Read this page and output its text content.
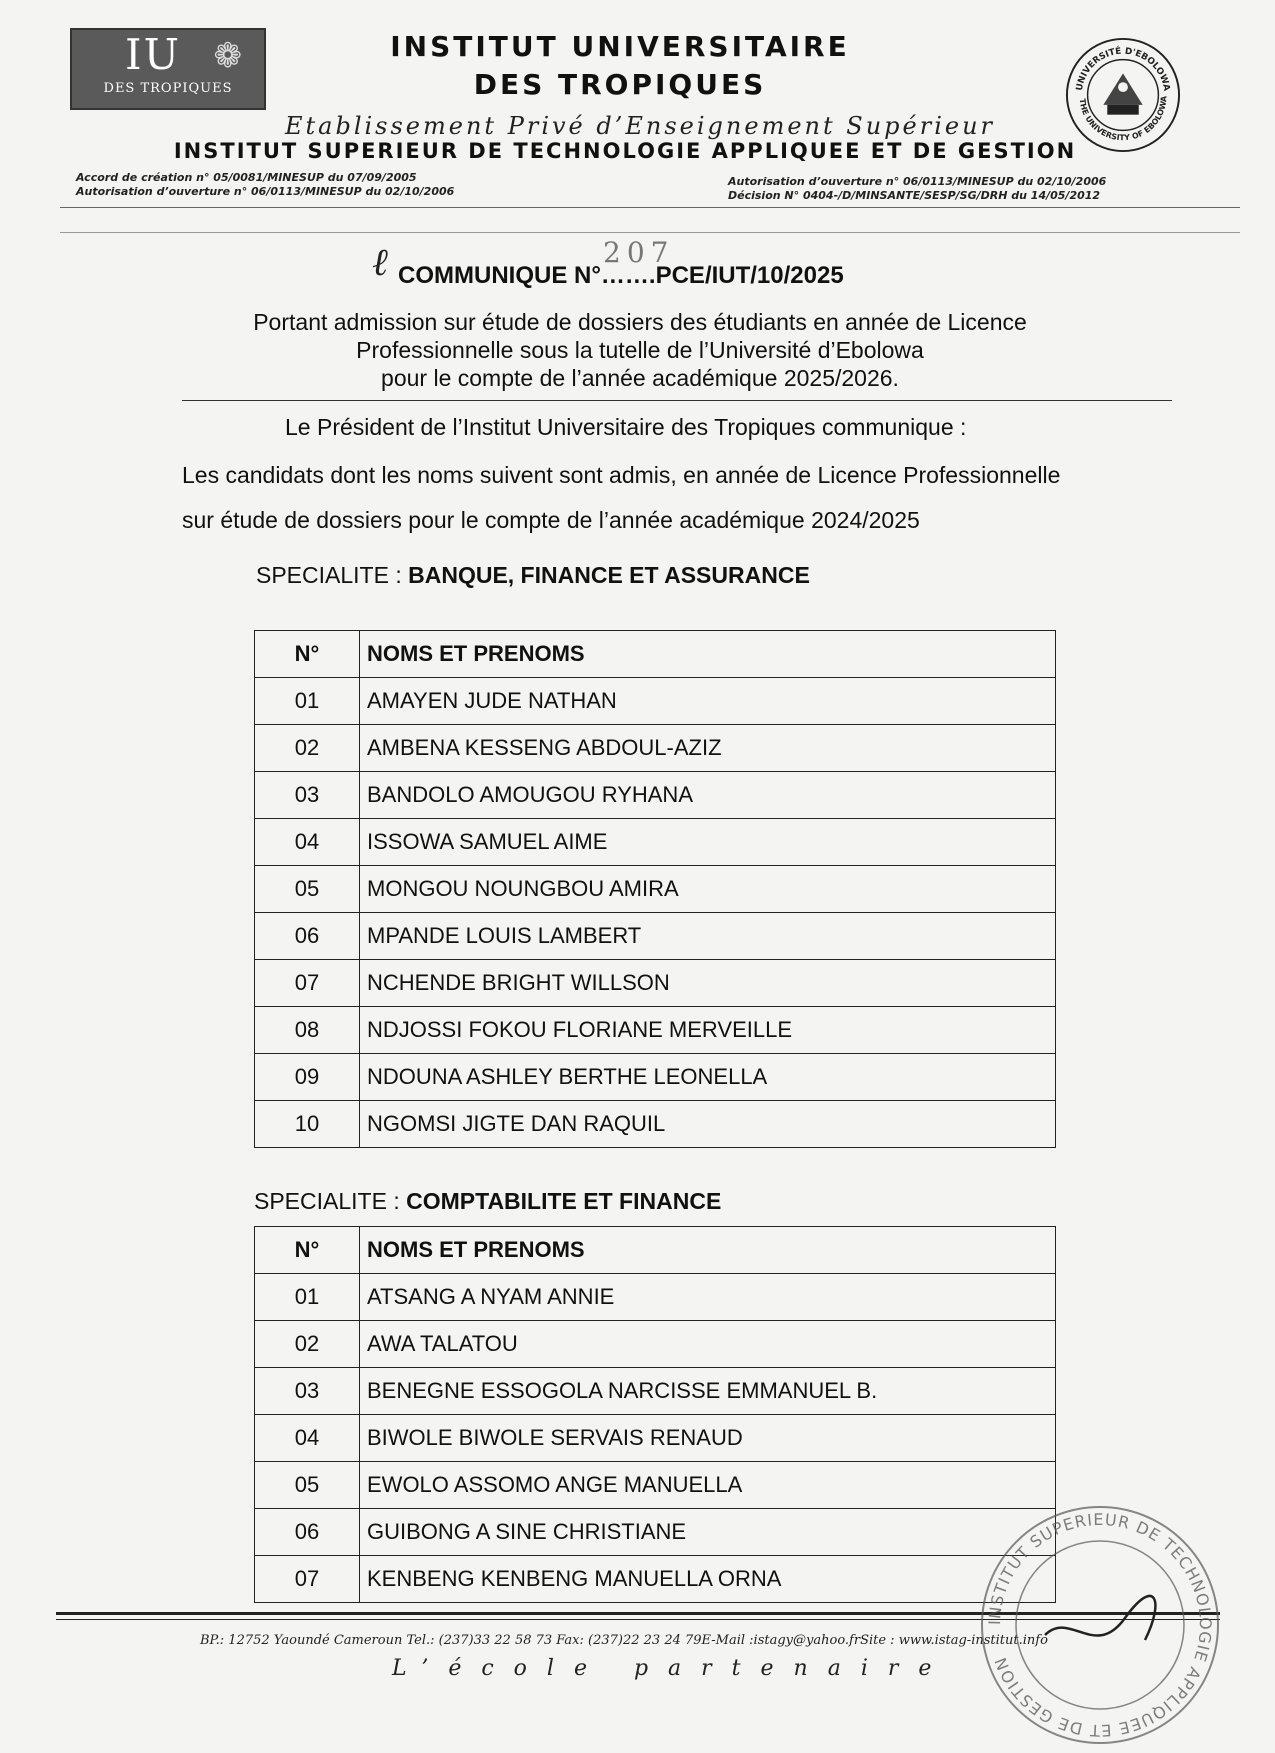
IU ❁
DES TROPIQUES
INSTITUT UNIVERSITAIRE
DES TROPIQUES	UNIVERSITÉ D'EBOLOWA
THE UNIVERSITY OF EBOLOWA
Etablissement Privé d’Enseignement Supérieur
INSTITUT SUPERIEUR DE TECHNOLOGIE APPLIQUEE ET DE GESTION
Accord de création n° 05/0081/MINESUP du 07/09/2005
Autorisation d’ouverture n° 06/0113/MINESUP du 02/10/2006
Autorisation d’ouverture n° 06/0113/MINESUP du 02/10/2006
Décision N° 0404-/D/MINSANTE/SESP/SG/DRH du 14/05/2012
ℓ	207
COMMUNIQUE N°…….PCE/IUT/10/2025
Portant admission sur étude de dossiers des étudiants en année de Licence
Professionnelle sous la tutelle de l’Université d’Ebolowa
pour le compte de l’année académique 2025/2026.
Le Président de l’Institut Universitaire des Tropiques communique :
Les candidats dont les noms suivent sont admis, en année de Licence Professionnelle
sur étude de dossiers pour le compte de l’année académique 2024/2025
SPECIALITE : BANQUE, FINANCE ET ASSURANCE
N°	NOMS ET PRENOMS
01	AMAYEN JUDE NATHAN
02	AMBENA KESSENG ABDOUL-AZIZ
03	BANDOLO AMOUGOU RYHANA
04	ISSOWA SAMUEL AIME
05	MONGOU NOUNGBOU AMIRA
06	MPANDE LOUIS LAMBERT
07	NCHENDE BRIGHT WILLSON
08	NDJOSSI FOKOU FLORIANE MERVEILLE
09	NDOUNA ASHLEY BERTHE LEONELLA
10	NGOMSI JIGTE DAN RAQUIL
SPECIALITE : COMPTABILITE ET FINANCE
N°	NOMS ET PRENOMS
01	ATSANG A NYAM ANNIE
02	AWA TALATOU
03	BENEGNE ESSOGOLA NARCISSE EMMANUEL B.
04	BIWOLE BIWOLE SERVAIS RENAUD
05	EWOLO ASSOMO ANGE MANUELLA
06	GUIBONG A SINE CHRISTIANE
07	KENBENG KENBENG MANUELLA ORNA
BP.: 12752 Yaoundé Cameroun Tel.: (237)33 22 58 73 Fax: (237)22 23 24 79E-Mail :istagy@yahoo.frSite : www.istag-institut.info
L’école partenaire
INSTITUT SUPERIEUR DE TECHNOLOGIE APPLIQUEE ET DE GESTION
